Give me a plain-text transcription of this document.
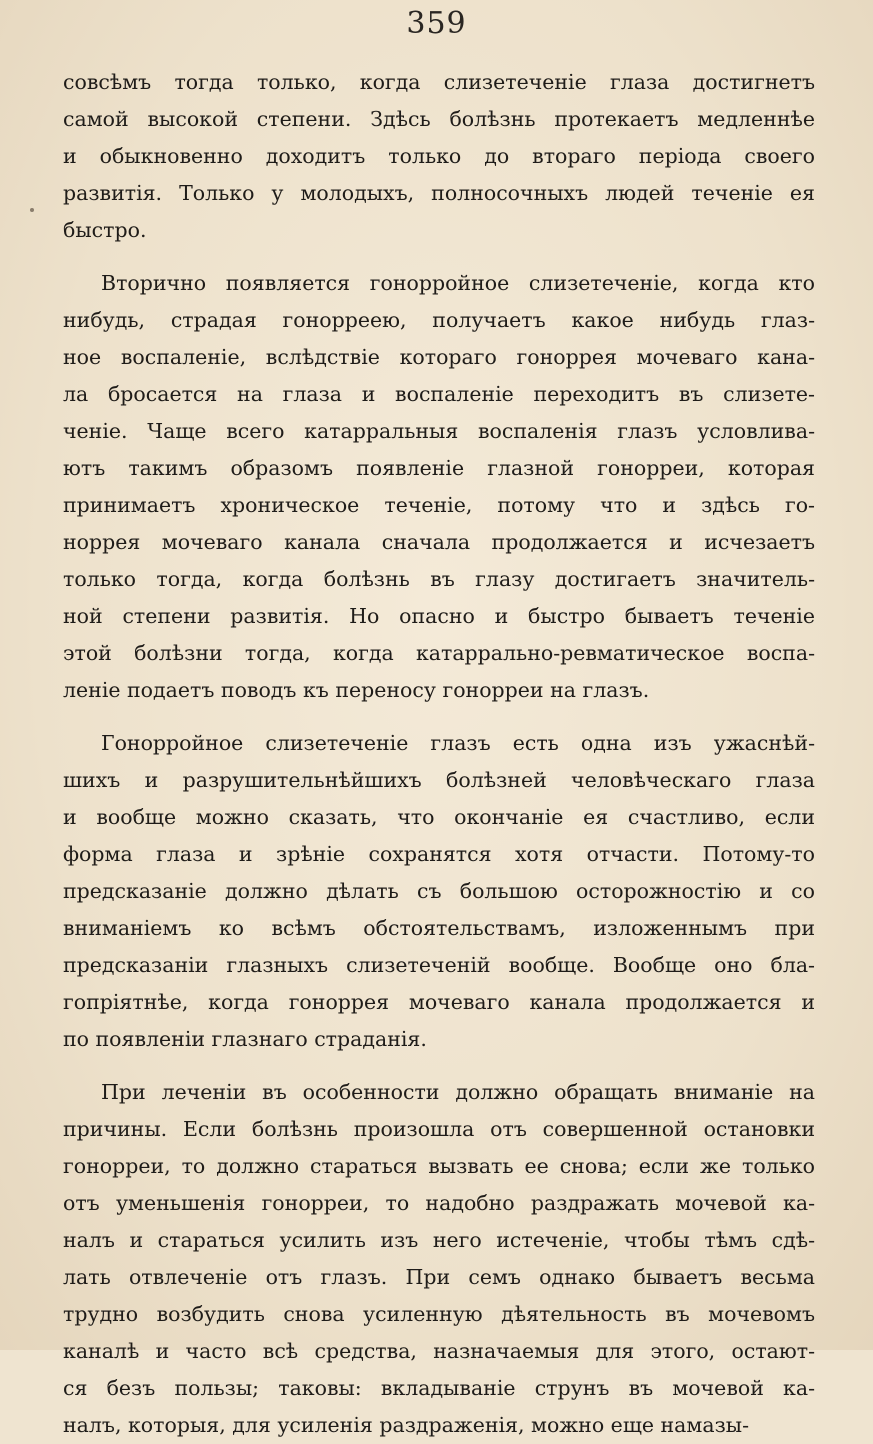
359
совсѣмъ тогда только, когда слизетеченіе глаза достигнетъ
самой высокой степени. Здѣсь болѣзнь протекаетъ медленнѣе
и обыкновенно доходитъ только до втораго періода своего
развитія. Только у молодыхъ, полносочныхъ людей теченіе ея
быстро.
Вторично появляется гонорройное слизетеченіе, когда кто
нибудь, страдая гонорреею, получаетъ какое нибудь глаз-
ное воспаленіе, вслѣдствіе котораго гоноррея мочеваго кана-
ла бросается на глаза и воспаленіе переходитъ въ слизете-
ченіе. Чаще всего катарральныя воспаленія глазъ условлива-
ютъ такимъ образомъ появленіе глазной гонорреи, которая
принимаетъ хроническое теченіе, потому что и здѣсь го-
норрея мочеваго канала сначала продолжается и исчезаетъ
только тогда, когда болѣзнь въ глазу достигаетъ значитель-
ной степени развитія. Но опасно и быстро бываетъ теченіе
этой болѣзни тогда, когда катаррально-ревматическое воспа-
леніе подаетъ поводъ къ переносу гонорреи на глазъ.
Гонорройное слизетеченіе глазъ есть одна изъ ужаснѣй-
шихъ и разрушительнѣйшихъ болѣзней человѣческаго глаза
и вообще можно сказать, что окончаніе ея счастливо, если
форма глаза и зрѣніе сохранятся хотя отчасти. Потому-то
предсказаніе должно дѣлать съ большою осторожностію и со
вниманіемъ ко всѣмъ обстоятельствамъ, изложеннымъ при
предсказаніи глазныхъ слизетеченій вообще. Вообще оно бла-
гопріятнѣе, когда гоноррея мочеваго канала продолжается и
по появленіи глазнаго страданія.
При леченіи въ особенности должно обращать вниманіе на
причины. Если болѣзнь произошла отъ совершенной остановки
гонорреи, то должно стараться вызвать ее снова; если же только
отъ уменьшенія гонорреи, то надобно раздражать мочевой ка-
налъ и стараться усилить изъ него истеченіе, чтобы тѣмъ сдѣ-
лать отвлеченіе отъ глазъ. При семъ однако бываетъ весьма
трудно возбудить снова усиленную дѣятельность въ мочевомъ
каналѣ и часто всѣ средства, назначаемыя для этого, остают-
ся безъ пользы; таковы: вкладываніе струнъ въ мочевой ка-
налъ, которыя, для усиленія раздраженія, можно еще намазы-
